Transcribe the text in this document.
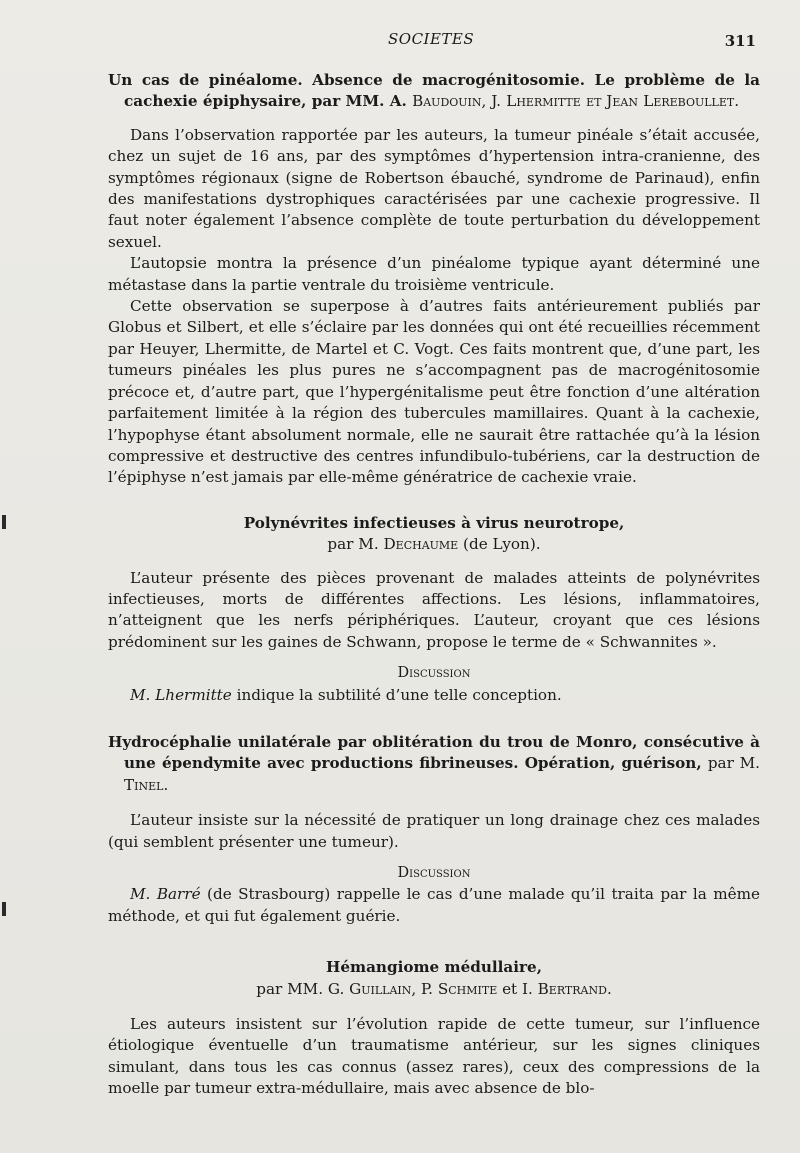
SOCIETES	311

Un cas de pinéalome. Absence de macrogénitosomie. Le problème de la cachexie épiphysaire, par MM. A. Baudouin, J. Lhermitte et Jean Lereboullet.

Dans l’observation rapportée par les auteurs, la tumeur pinéale s’était accusée, chez un sujet de 16 ans, par des symptômes d’hypertension intra-cranienne, des symptômes régionaux (signe de Robertson ébauché, syndrome de Parinaud), enfin des manifestations dystrophiques caractérisées par une cachexie progressive. Il faut noter également l’absence complète de toute perturbation du développement sexuel.

L’autopsie montra la présence d’un pinéalome typique ayant déterminé une métastase dans la partie ventrale du troisième ventricule.

Cette observation se superpose à d’autres faits antérieurement publiés par Globus et Silbert, et elle s’éclaire par les données qui ont été recueillies récemment par Heuyer, Lhermitte, de Martel et C. Vogt. Ces faits montrent que, d’une part, les tumeurs pinéales les plus pures ne s’accompagnent pas de macrogénitosomie précoce et, d’autre part, que l’hypergénitalisme peut être fonction d’une altération parfaitement limitée à la région des tubercules mamillaires. Quant à la cachexie, l’hypophyse étant absolument normale, elle ne saurait être rattachée qu’à la lésion compressive et destructive des centres infundibulo-tubériens, car la destruction de l’épiphyse n’est jamais par elle-même génératrice de cachexie vraie.

Polynévrites infectieuses à virus neurotrope,

par M. Dechaume (de Lyon).

L’auteur présente des pièces provenant de malades atteints de polynévrites infectieuses, morts de différentes affections. Les lésions, inflammatoires, n’atteignent que les nerfs périphériques. L’auteur, croyant que ces lésions prédominent sur les gaines de Schwann, propose le terme de « Schwannites ».

Discussion

M. Lhermitte indique la subtilité d’une telle conception.

Hydrocéphalie unilatérale par oblitération du trou de Monro, consécutive à une épendymite avec productions fibrineuses. Opération, guérison, par M. Tinel.

L’auteur insiste sur la nécessité de pratiquer un long drainage chez ces malades (qui semblent présenter une tumeur).

Discussion

M. Barré (de Strasbourg) rappelle le cas d’une malade qu’il traita par la même méthode, et qui fut également guérie.

Hémangiome médullaire,

par MM. G. Guillain, P. Schmite et I. Bertrand.

Les auteurs insistent sur l’évolution rapide de cette tumeur, sur l’influence étiologique éventuelle d’un traumatisme antérieur, sur les signes cliniques simulant, dans tous les cas connus (assez rares), ceux des compressions de la moelle par tumeur extra-médullaire, mais avec absence de blo-
